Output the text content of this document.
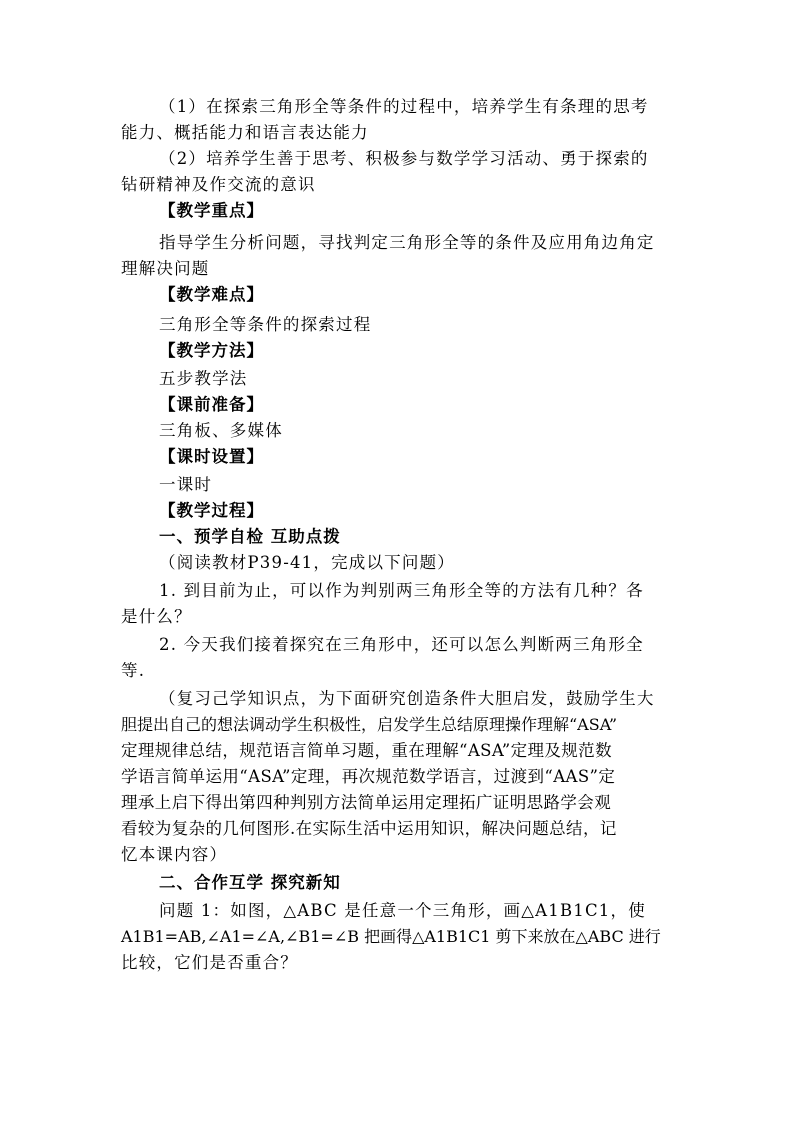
（1）在探索三角形全等条件的过程中，培养学生有条理的思考
能力、概括能力和语言表达能力
（2）培养学生善于思考、积极参与数学学习活动、勇于探索的
钻研精神及作交流的意识
【教学重点】
指导学生分析问题，寻找判定三角形全等的条件及应用角边角定
理解决问题
【教学难点】
三角形全等条件的探索过程
【教学方法】
五步教学法
【课前准备】
三角板、多媒体
【课时设置】
一课时
【教学过程】
一、预学自检 互助点拨
（阅读教材P39-41，完成以下问题）
1. 到目前为止，可以作为判别两三角形全等的方法有几种？各
是什么？
2. 今天我们接着探究在三角形中，还可以怎么判断两三角形全
等.
（复习己学知识点，为下面研究创造条件大胆启发，鼓励学生大
胆提出自己的想法调动学生积极性，启发学生总结原理操作理解“ASA”
定理规律总结，规范语言简单习题，重在理解“ASA”定理及规范数
学语言简单运用“ASA”定理，再次规范数学语言，过渡到“AAS”定
理承上启下得出第四种判别方法简单运用定理拓广证明思路学会观
看较为复杂的几何图形.在实际生活中运用知识，解决问题总结，记
忆本课内容）
二、合作互学 探究新知
问题 1：如图，△ABC 是任意一个三角形，画△A1B1C1，使
A1B1=AB,∠A1=∠A,∠B1=∠B 把画得△A1B1C1 剪下来放在△ABC 进行
比较，它们是否重合？
